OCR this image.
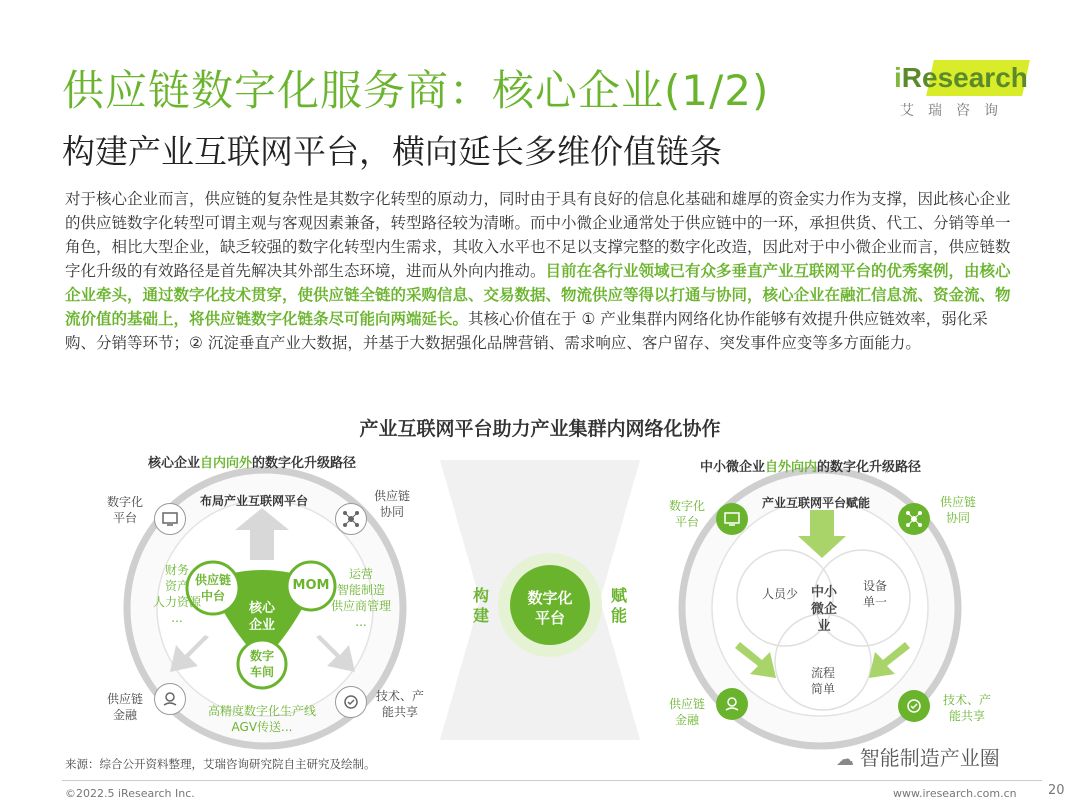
供应链数字化服务商：核心企业(1/2)
构建产业互联网平台，横向延长多维价值链条
iResearch
艾瑞咨询
对于核心企业而言，供应链的复杂性是其数字化转型的原动力，同时由于具有良好的信息化基础和雄厚的资金实力作为支撑，因此核心企业的供应链数字化转型可谓主观与客观因素兼备，转型路径较为清晰。而中小微企业通常处于供应链中的一环，承担供货、代工、分销等单一角色，相比大型企业，缺乏较强的数字化转型内生需求，其收入水平也不足以支撑完整的数字化改造，因此对于中小微企业而言，供应链数字化升级的有效路径是首先解决其外部生态环境，进而从外向内推动。目前在各行业领域已有众多垂直产业互联网平台的优秀案例，由核心企业牵头，通过数字化技术贯穿，使供应链全链的采购信息、交易数据、物流供应等得以打通与协同，核心企业在融汇信息流、资金流、物流价值的基础上，将供应链数字化链条尽可能向两端延长。其核心价值在于 ① 产业集群内网络化协作能够有效提升供应链效率，弱化采购、分销等环节；② 沉淀垂直产业大数据，并基于大数据强化品牌营销、需求响应、客户留存、突发事件应变等多方面能力。
产业互联网平台助力产业集群内网络化协作
核心企业自内向外的数字化升级路径
布局产业互联网平台
数字化
平台
供应链
协同
供应链
金融
技术、产
能共享
财务
资产
人力资源
...
运营
智能制造
供应商管理
...
供应链
中台
MOM
核心
企业
数字
车间
高精度数字化生产线
AGV传送...
构建
数字化
平台
赋能
中小微企业自外向内的数字化升级路径
产业互联网平台赋能
数字化
平台
供应链
协同
供应链
金融
技术、产
能共享
人员少
设备
单一
流程
简单
中小
微企
业
来源：综合公开资料整理，艾瑞咨询研究院自主研究及绘制。	☁ 智能制造产业圈
©2022.5 iResearch Inc.	www.iresearch.com.cn 20
